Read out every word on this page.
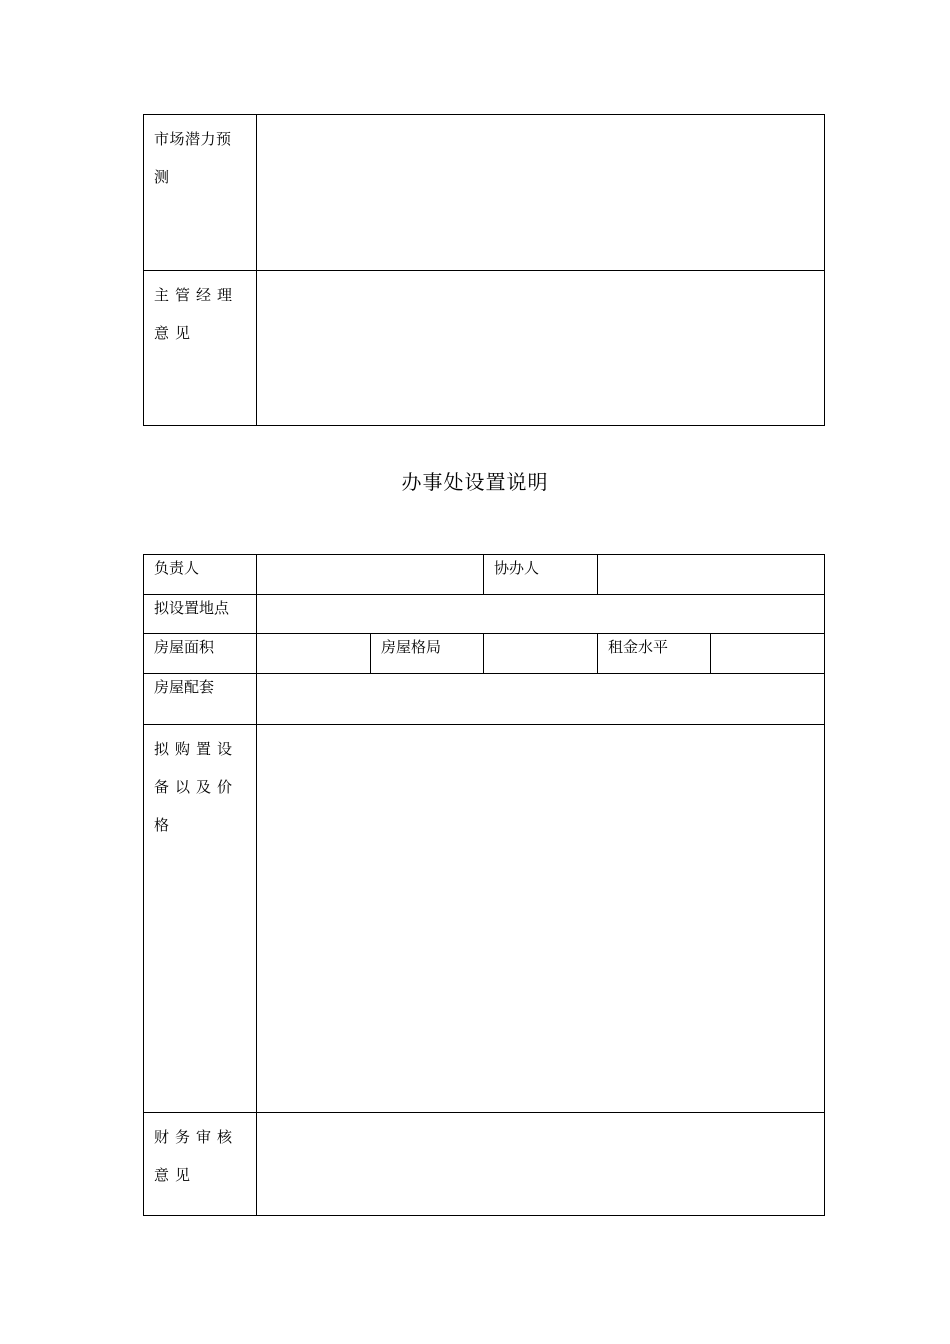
市场潜力预测	

主管经理意见	

办事处设置说明
负责人			协办人		

拟设置地点					

房屋面积		房屋格局		租金水平	

房屋配套					

拟购置设备以及价格					

财务审核意见					
